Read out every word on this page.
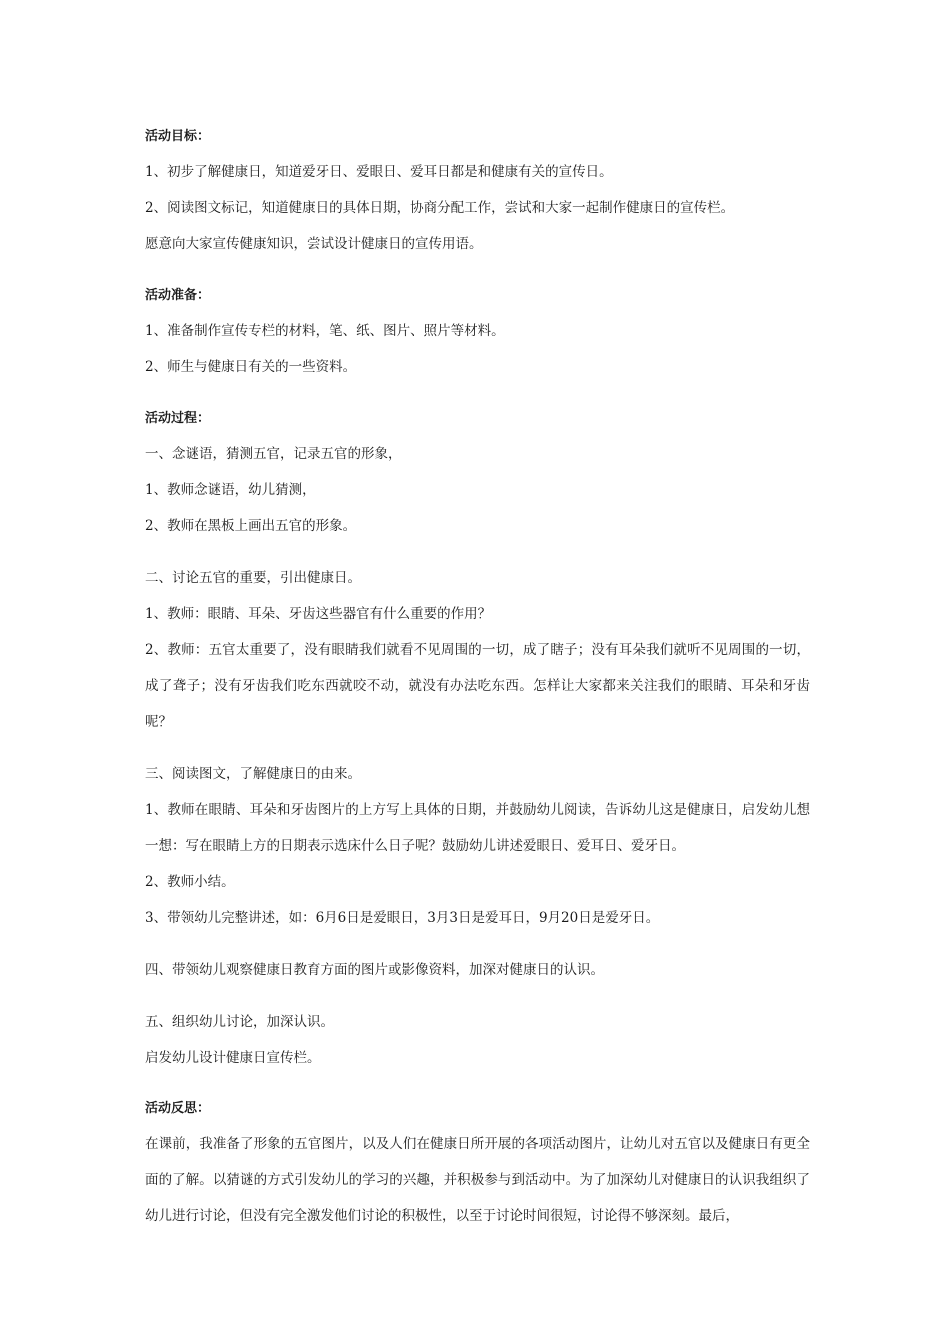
活动目标：
1、初步了解健康日，知道爱牙日、爱眼日、爱耳日都是和健康有关的宣传日。
2、阅读图文标记，知道健康日的具体日期，协商分配工作，尝试和大家一起制作健康日的宣传栏。
愿意向大家宣传健康知识，尝试设计健康日的宣传用语。
活动准备：
1、准备制作宣传专栏的材料，笔、纸、图片、照片等材料。
2、师生与健康日有关的一些资料。
活动过程：
一、念谜语，猜测五官，记录五官的形象，
1、教师念谜语，幼儿猜测，
2、教师在黑板上画出五官的形象。
二、讨论五官的重要，引出健康日。
1、教师：眼睛、耳朵、牙齿这些器官有什么重要的作用？
2、教师：五官太重要了，没有眼睛我们就看不见周围的一切，成了瞎子；没有耳朵我们就听不见周围的一切，成了聋子；没有牙齿我们吃东西就咬不动，就没有办法吃东西。怎样让大家都来关注我们的眼睛、耳朵和牙齿呢？
三、阅读图文，了解健康日的由来。
1、教师在眼睛、耳朵和牙齿图片的上方写上具体的日期，并鼓励幼儿阅读，告诉幼儿这是健康日，启发幼儿想一想：写在眼睛上方的日期表示选床什么日子呢？鼓励幼儿讲述爱眼日、爱耳日、爱牙日。
2、教师小结。
3、带领幼儿完整讲述，如：6月6日是爱眼日，3月3日是爱耳日，9月20日是爱牙日。
四、带领幼儿观察健康日教育方面的图片或影像资料，加深对健康日的认识。
五、组织幼儿讨论，加深认识。
启发幼儿设计健康日宣传栏。
活动反思：
在课前，我准备了形象的五官图片，以及人们在健康日所开展的各项活动图片，让幼儿对五官以及健康日有更全面的了解。以猜谜的方式引发幼儿的学习的兴趣，并积极参与到活动中。为了加深幼儿对健康日的认识我组织了幼儿进行讨论，但没有完全激发他们讨论的积极性，以至于讨论时间很短，讨论得不够深刻。最后，
